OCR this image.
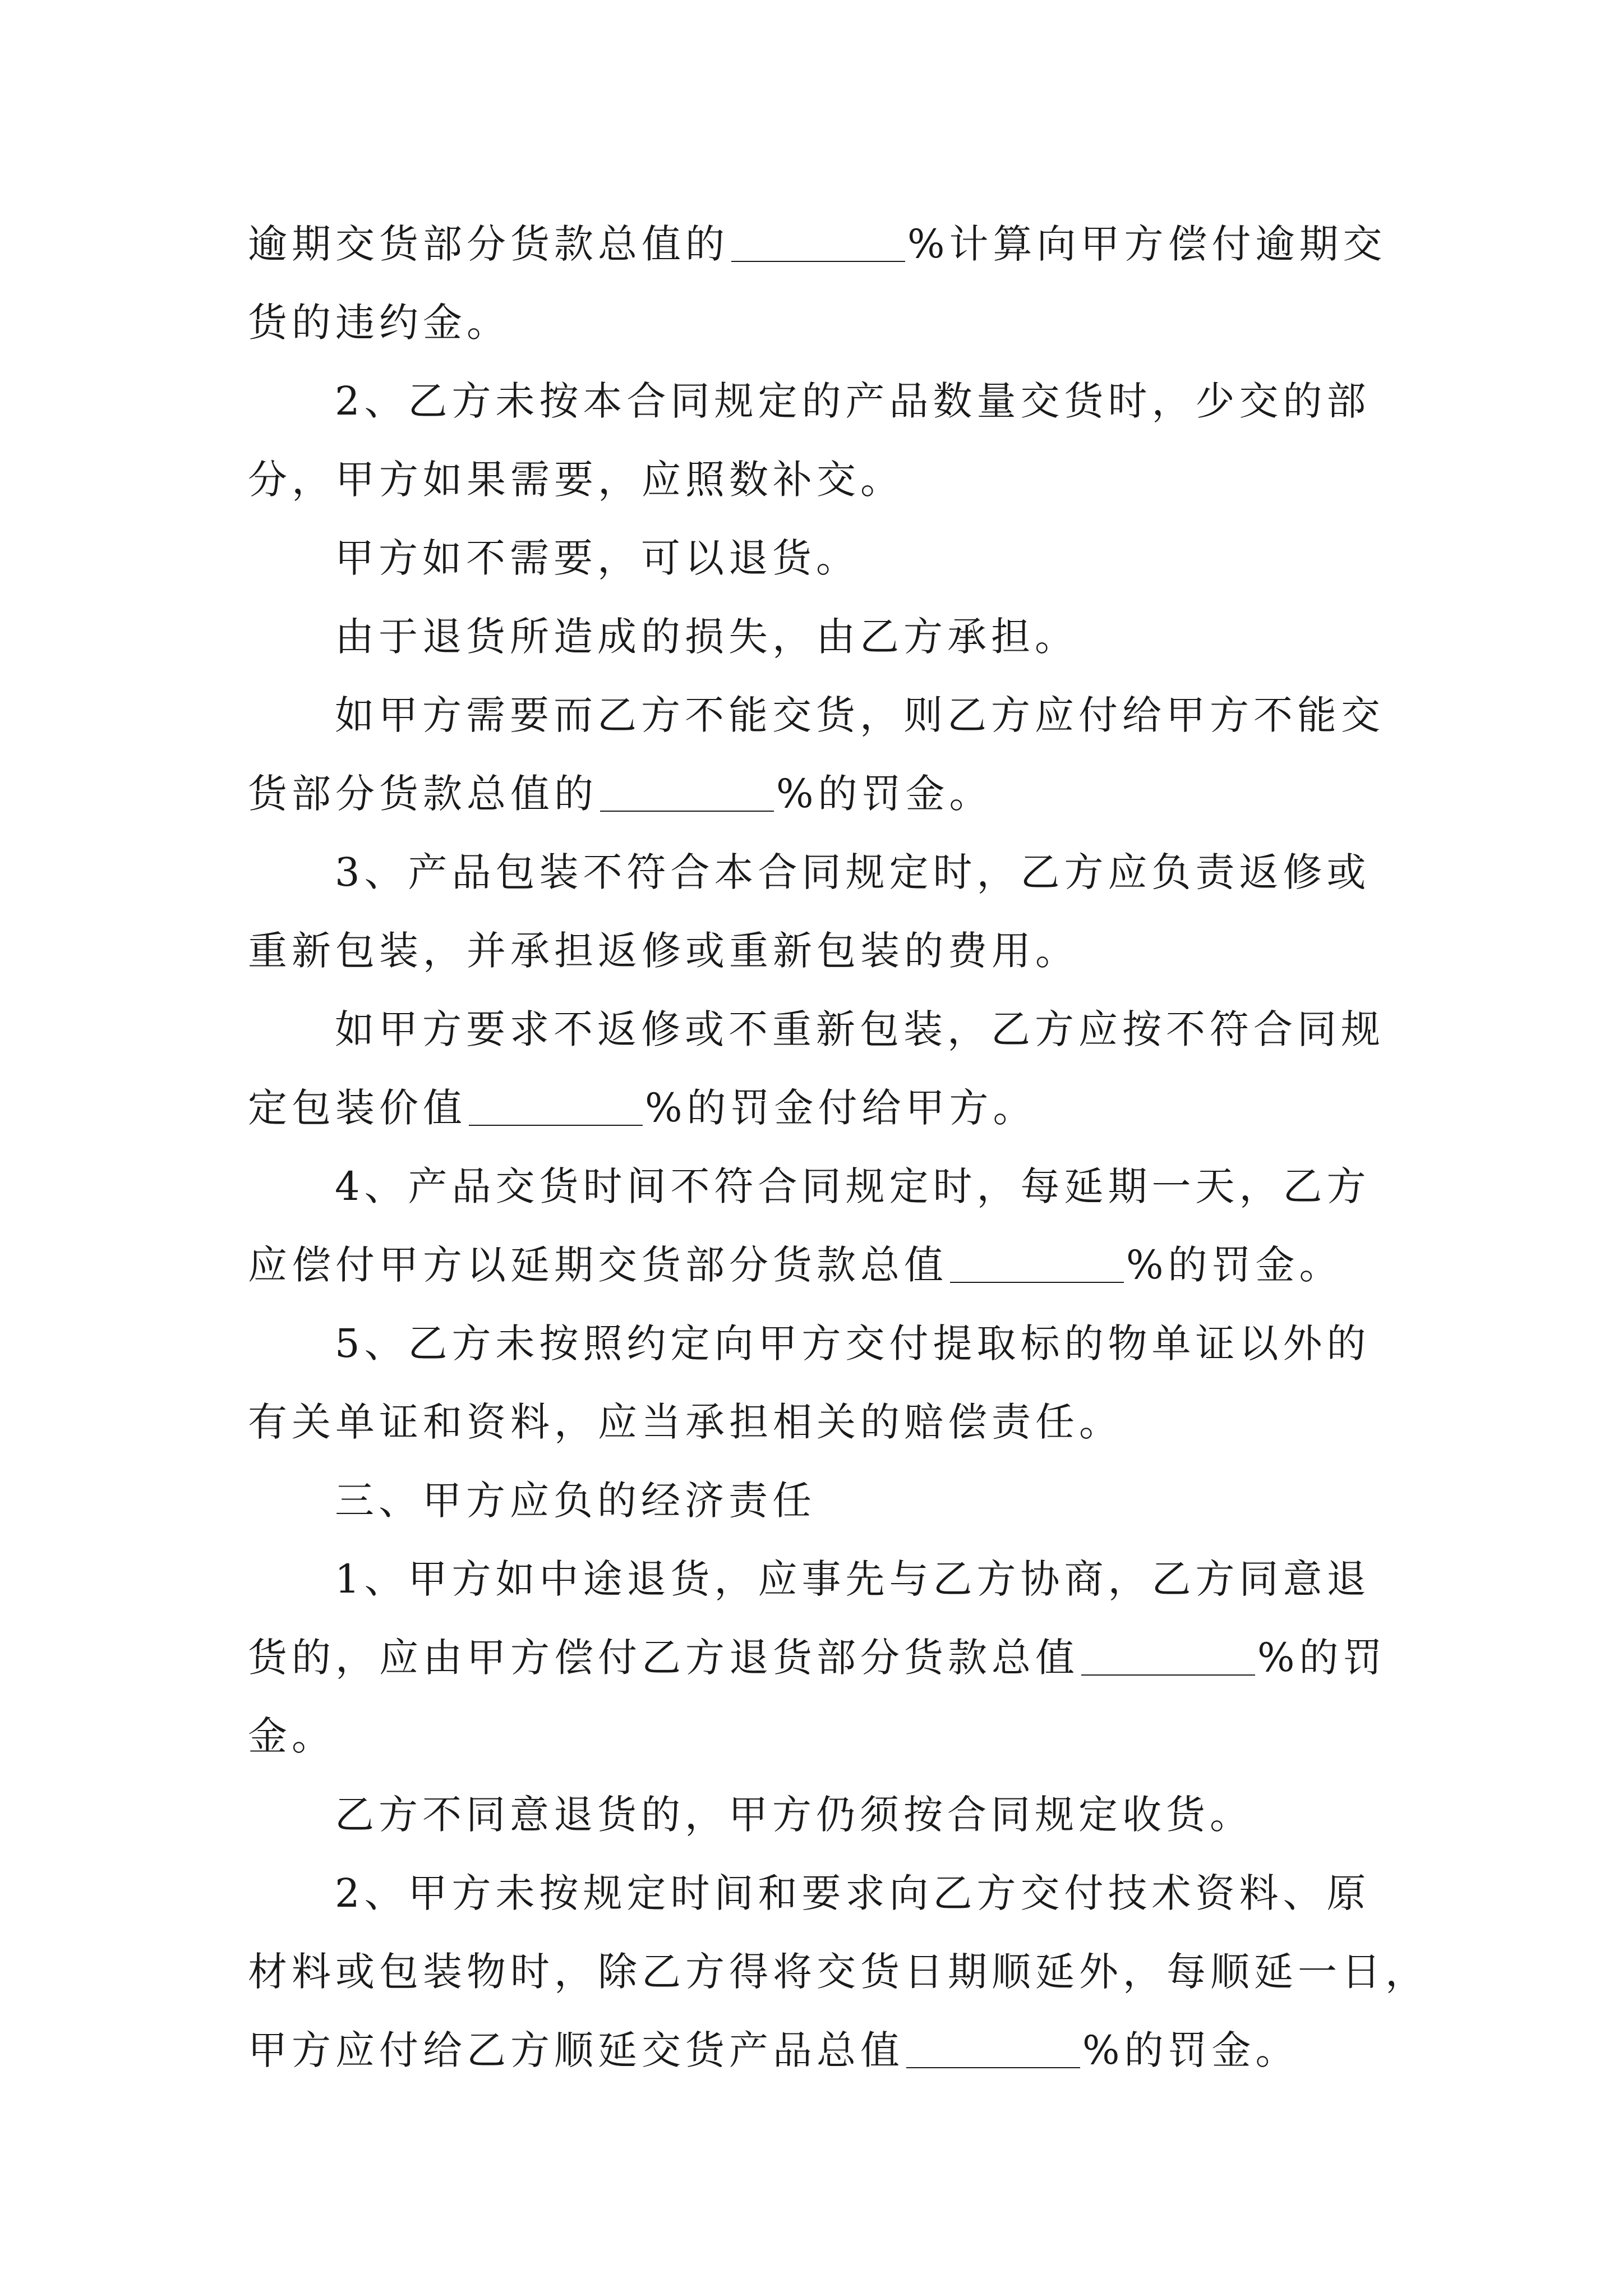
逾期交货部分货款总值的	%计算向甲方偿付逾期交

货的违约金。

2、乙方未按本合同规定的产品数量交货时，少交的部

分，甲方如果需要，应照数补交。

甲方如不需要，可以退货。

由于退货所造成的损失，由乙方承担。

如甲方需要而乙方不能交货，则乙方应付给甲方不能交

货部分货款总值的	%的罚金。

3、产品包装不符合本合同规定时，乙方应负责返修或

重新包装，并承担返修或重新包装的费用。

如甲方要求不返修或不重新包装，乙方应按不符合同规

定包装价值	%的罚金付给甲方。

4、产品交货时间不符合同规定时，每延期一天，乙方

应偿付甲方以延期交货部分货款总值	%的罚金。

5、乙方未按照约定向甲方交付提取标的物单证以外的

有关单证和资料，应当承担相关的赔偿责任。

三、甲方应负的经济责任

1、甲方如中途退货，应事先与乙方协商，乙方同意退

货的，应由甲方偿付乙方退货部分货款总值	%的罚

金。

乙方不同意退货的，甲方仍须按合同规定收货。

2、甲方未按规定时间和要求向乙方交付技术资料、原

材料或包装物时，除乙方得将交货日期顺延外，每顺延一日，

甲方应付给乙方顺延交货产品总值	%的罚金。
